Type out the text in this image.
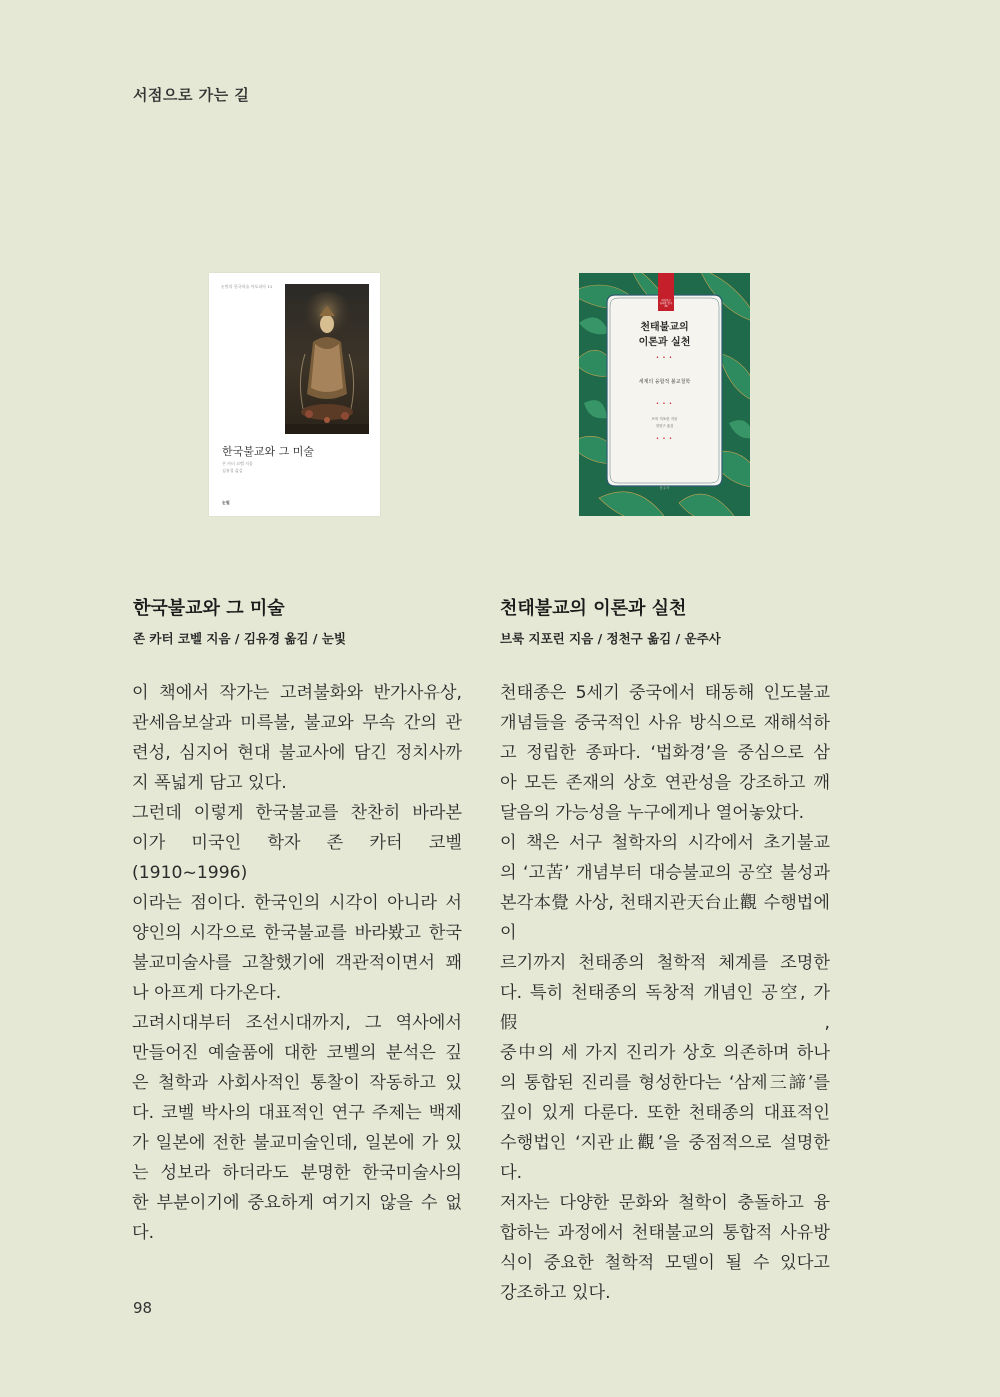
서점으로 가는 길
눈빛의 한국학술 아포리아 13
한국불교와 그 미술
존 카터 코벨 지음
김유경 옮김
눈빛
대한불교
천태종 총서
26
천태불교의
이론과 실천
• • •
세계의 융합적 불교철학
• • •
브룩 지포린 지음
정천구 옮김
• • •
운주사
한국불교와 그 미술
존 카터 코벨 지음 / 김유경 옮김 / 눈빛
이 책에서 작가는 고려불화와 반가사유상,
관세음보살과 미륵불, 불교와 무속 간의 관
련성, 심지어 현대 불교사에 담긴 정치사까
지 폭넓게 담고 있다.
그런데 이렇게 한국불교를 찬찬히 바라본
이가 미국인 학자 존 카터 코벨(1910~1996)
이라는 점이다. 한국인의 시각이 아니라 서
양인의 시각으로 한국불교를 바라봤고 한국
불교미술사를 고찰했기에 객관적이면서 꽤
나 아프게 다가온다.
고려시대부터 조선시대까지, 그 역사에서
만들어진 예술품에 대한 코벨의 분석은 깊
은 철학과 사회사적인 통찰이 작동하고 있
다. 코벨 박사의 대표적인 연구 주제는 백제
가 일본에 전한 불교미술인데, 일본에 가 있
는 성보라 하더라도 분명한 한국미술사의
한 부분이기에 중요하게 여기지 않을 수 없
다.
천태불교의 이론과 실천
브룩 지포린 지음 / 정천구 옮김 / 운주사
천태종은 5세기 중국에서 태동해 인도불교
개념들을 중국적인 사유 방식으로 재해석하
고 정립한 종파다. ‘법화경’을 중심으로 삼
아 모든 존재의 상호 연관성을 강조하고 깨
달음의 가능성을 누구에게나 열어놓았다.
이 책은 서구 철학자의 시각에서 초기불교
의 ‘고苦’ 개념부터 대승불교의 공空 불성과
본각本覺 사상, 천태지관天台止觀 수행법에 이
르기까지 천태종의 철학적 체계를 조명한
다. 특히 천태종의 독창적 개념인 공空, 가假,
중中의 세 가지 진리가 상호 의존하며 하나
의 통합된 진리를 형성한다는 ‘삼제三諦’를
깊이 있게 다룬다. 또한 천태종의 대표적인
수행법인 ‘지관止觀’을 중점적으로 설명한다.
저자는 다양한 문화와 철학이 충돌하고 융
합하는 과정에서 천태불교의 통합적 사유방
식이 중요한 철학적 모델이 될 수 있다고
강조하고 있다.
98
